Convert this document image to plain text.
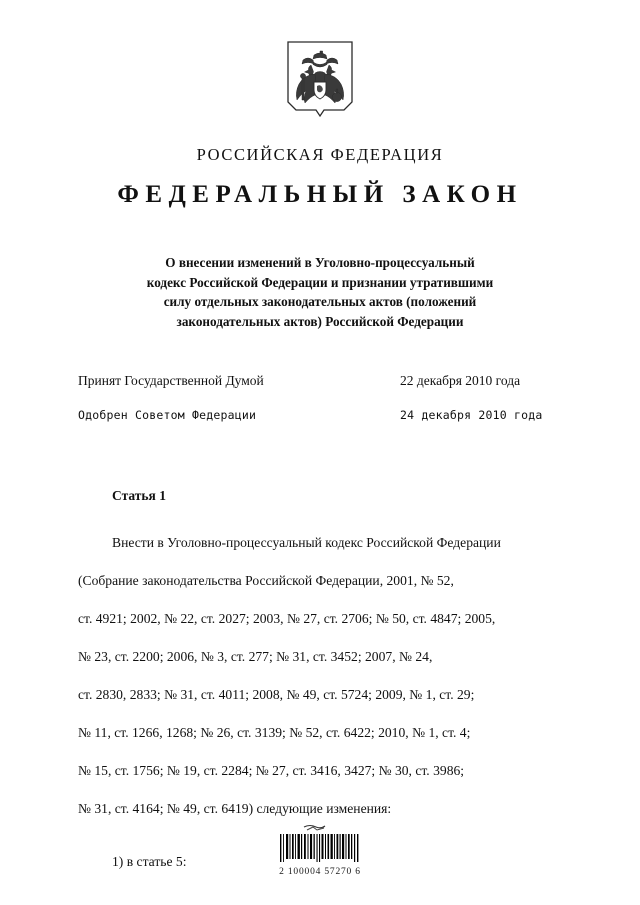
РОССИЙСКАЯ ФЕДЕРАЦИЯ
ФЕДЕРАЛЬНЫЙ ЗАКОН
О внесении изменений в Уголовно-процессуальный
кодекс Российской Федерации и признании утратившими
силу отдельных законодательных актов (положений
законодательных актов) Российской Федерации
Принят Государственной Думой	22 декабря 2010 года
Одобрен Советом Федерации	24 декабря 2010 года
Статья 1
Внести в Уголовно-процессуальный кодекс Российской Федерации
(Собрание законодательства Российской Федерации, 2001, № 52,
ст. 4921; 2002, № 22, ст. 2027; 2003, № 27, ст. 2706; № 50, ст. 4847; 2005,
№ 23, ст. 2200; 2006, № 3, ст. 277; № 31, ст. 3452; 2007, № 24,
ст. 2830, 2833; № 31, ст. 4011; 2008, № 49, ст. 5724; 2009, № 1, ст. 29;
№ 11, ст. 1266, 1268; № 26, ст. 3139; № 52, ст. 6422; 2010, № 1, ст. 4;
№ 15, ст. 1756; № 19, ст. 2284; № 27, ст. 3416, 3427; № 30, ст. 3986;
№ 31, ст. 4164; № 49, ст. 6419) следующие изменения:
1) в статье 5:
2 100004 57270 6
